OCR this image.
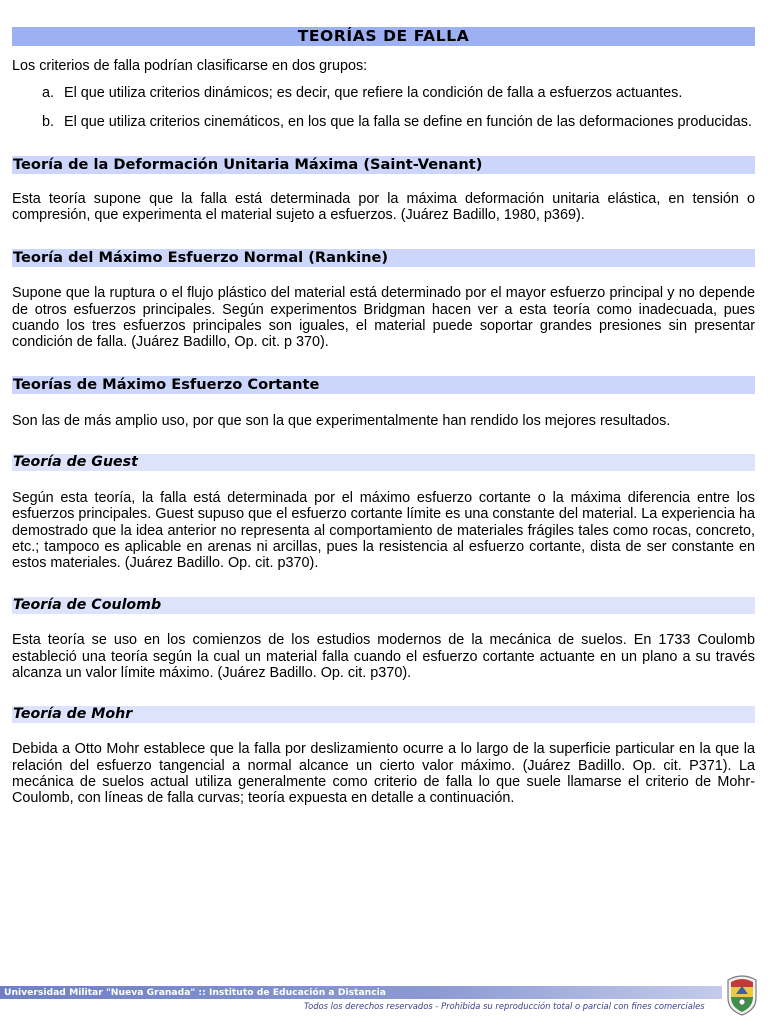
TEORÍAS DE FALLA

Los criterios de falla podrían clasificarse en dos grupos:

a. El que utiliza criterios dinámicos; es decir, que refiere la condición de falla a esfuerzos actuantes.
b. El que utiliza criterios cinemáticos, en los que la falla se define en función de las deformaciones producidas.
Teoría de la Deformación Unitaria Máxima (Saint-Venant)

Esta teoría supone que la falla está determinada por la máxima deformación unitaria elástica, en tensión o compresión, que experimenta el material sujeto a esfuerzos. (Juárez Badillo, 1980, p369).

Teoría del Máximo Esfuerzo Normal (Rankine)

Supone que la ruptura o el flujo plástico del material está determinado por el mayor esfuerzo principal y no depende de otros esfuerzos principales. Según experimentos Bridgman hacen ver a esta teoría como inadecuada, pues cuando los tres esfuerzos principales son iguales, el material puede soportar grandes presiones sin presentar condición de falla. (Juárez Badillo, Op. cit. p 370).

Teorías de Máximo Esfuerzo Cortante

Son las de más amplio uso, por que son la que experimentalmente han rendido los mejores resultados.

Teoría de Guest

Según esta teoría, la falla está determinada por el máximo esfuerzo cortante o la máxima diferencia entre los esfuerzos principales. Guest supuso que el esfuerzo cortante límite es una constante del material. La experiencia ha demostrado que la idea anterior no representa al comportamiento de materiales frágiles tales como rocas, concreto, etc.; tampoco es aplicable en arenas ni arcillas, pues la resistencia al esfuerzo cortante, dista de ser constante en estos materiales. (Juárez Badillo. Op. cit. p370).

Teoría de Coulomb

Esta teoría se uso en los comienzos de los estudios modernos de la mecánica de suelos. En 1733 Coulomb estableció una teoría según la cual un material falla cuando el esfuerzo cortante actuante en un plano a su través alcanza un valor límite máximo. (Juárez Badillo. Op. cit. p370).

Teoría de Mohr

Debida a Otto Mohr establece que la falla por deslizamiento ocurre a lo largo de la superficie particular en la que la relación del esfuerzo tangencial a normal alcance un cierto valor máximo. (Juárez Badillo. Op. cit. P371). La mecánica de suelos actual utiliza generalmente como criterio de falla lo que suele llamarse el criterio de Mohr- Coulomb, con líneas de falla curvas; teoría expuesta en detalle a continuación.

Universidad Militar "Nueva Granada" :: Instituto de Educación a Distancia
Todos los derechos reservados - Prohibida su reproducción total o parcial con fines comerciales
